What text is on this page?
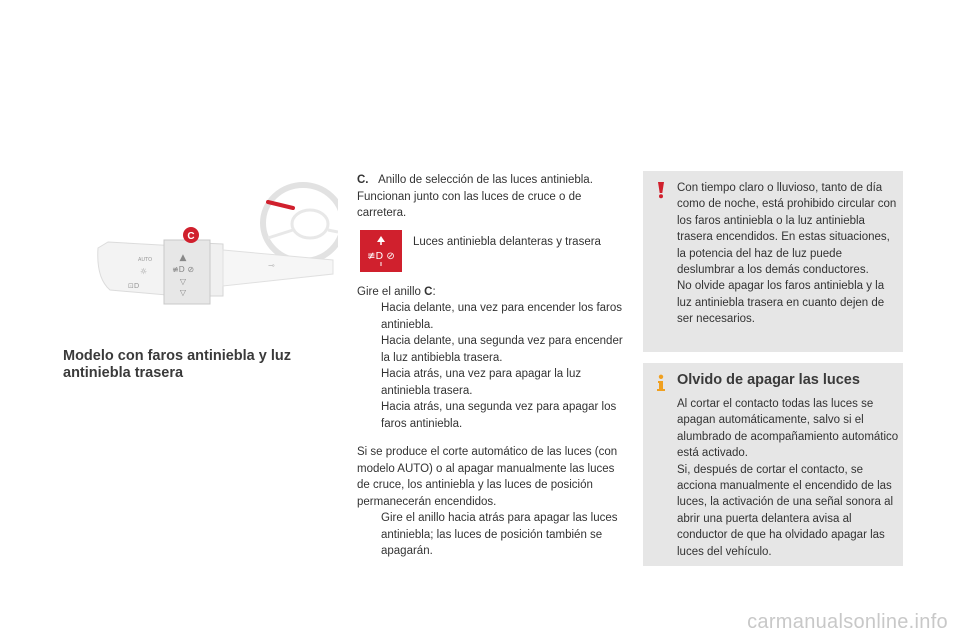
▲
≢D ⊘
▽
▽
AUTO
☼
⊡D
⊸
C
Modelo con faros antiniebla y luz antiniebla trasera

C. Anillo de selección de las luces antiniebla. Funcionan junto con las luces de cruce o de carretera.

≢D ⊘
Luces antiniebla delanteras y trasera

Gire el anillo C:

Hacia delante, una vez para encender los faros antiniebla.
Hacia delante, una segunda vez para encender la luz antibiebla trasera.
Hacia atrás, una vez para apagar la luz antiniebla trasera.
Hacia atrás, una segunda vez para apagar los faros antiniebla.

Si se produce el corte automático de las luces (con modelo AUTO) o al apagar manualmente las luces de cruce, los antiniebla y las luces de posición permanecerán encendidos.

Gire el anillo hacia atrás para apagar las luces antiniebla; las luces de posición también se apagarán.
Con tiempo claro o lluvioso, tanto de día como de noche, está prohibido circular con los faros antiniebla o la luz antiniebla trasera encendidos. En estas situaciones, la potencia del haz de luz puede deslumbrar a los demás conductores.
No olvide apagar los faros antiniebla y la luz antiniebla trasera en cuanto dejen de ser necesarios.
Olvido de apagar las luces
Al cortar el contacto todas las luces se apagan automáticamente, salvo si el alumbrado de acompañamiento automático está activado.
Si, después de cortar el contacto, se acciona manualmente el encendido de las luces, la activación de una señal sonora al abrir una puerta delantera avisa al conductor de que ha olvidado apagar las luces del vehículo.
carmanualsonline.info
